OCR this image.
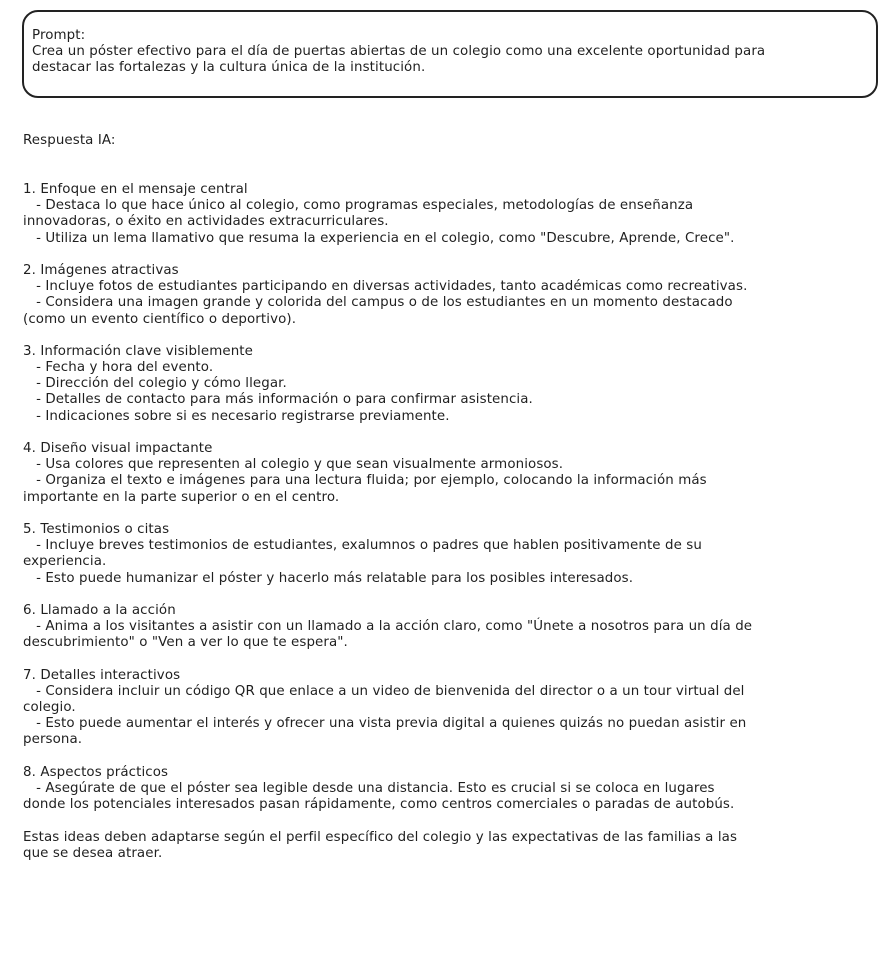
Prompt:
Crea un póster efectivo para el día de puertas abiertas de un colegio como una excelente oportunidad para
destacar las fortalezas y la cultura única de la institución.

Respuesta IA:

1. Enfoque en el mensaje central
- Destaca lo que hace único al colegio, como programas especiales, metodologías de enseñanza
innovadoras, o éxito en actividades extracurriculares.
- Utiliza un lema llamativo que resuma la experiencia en el colegio, como "Descubre, Aprende, Crece".
2. Imágenes atractivas
- Incluye fotos de estudiantes participando en diversas actividades, tanto académicas como recreativas.
- Considera una imagen grande y colorida del campus o de los estudiantes en un momento destacado
(como un evento científico o deportivo).
3. Información clave visiblemente
- Fecha y hora del evento.
- Dirección del colegio y cómo llegar.
- Detalles de contacto para más información o para confirmar asistencia.
- Indicaciones sobre si es necesario registrarse previamente.
4. Diseño visual impactante
- Usa colores que representen al colegio y que sean visualmente armoniosos.
- Organiza el texto e imágenes para una lectura fluida; por ejemplo, colocando la información más
importante en la parte superior o en el centro.
5. Testimonios o citas
- Incluye breves testimonios de estudiantes, exalumnos o padres que hablen positivamente de su
experiencia.
- Esto puede humanizar el póster y hacerlo más relatable para los posibles interesados.
6. Llamado a la acción
- Anima a los visitantes a asistir con un llamado a la acción claro, como "Únete a nosotros para un día de
descubrimiento" o "Ven a ver lo que te espera".
7. Detalles interactivos
- Considera incluir un código QR que enlace a un video de bienvenida del director o a un tour virtual del
colegio.
- Esto puede aumentar el interés y ofrecer una vista previa digital a quienes quizás no puedan asistir en
persona.
8. Aspectos prácticos
- Asegúrate de que el póster sea legible desde una distancia. Esto es crucial si se coloca en lugares
donde los potenciales interesados pasan rápidamente, como centros comerciales o paradas de autobús.
Estas ideas deben adaptarse según el perfil específico del colegio y las expectativas de las familias a las
que se desea atraer.
